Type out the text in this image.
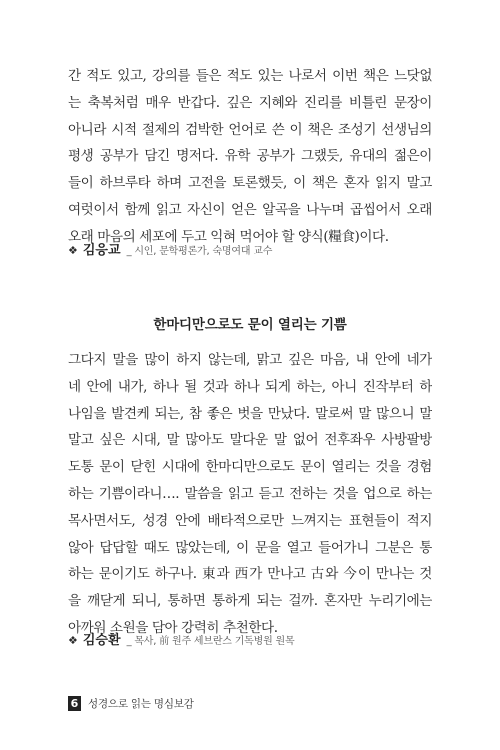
간 적도 있고, 강의를 들은 적도 있는 나로서 이번 책은 느닷없
는 축복처럼 매우 반갑다. 깊은 지혜와 진리를 비틀린 문장이
아니라 시적 절제의 검박한 언어로 쓴 이 책은 조성기 선생님의
평생 공부가 담긴 명저다. 유학 공부가 그랬듯, 유대의 젊은이
들이 하브루타 하며 고전을 토론했듯, 이 책은 혼자 읽지 말고
여럿이서 함께 읽고 자신이 얻은 알곡을 나누며 곱씹어서 오래
오래 마음의 세포에 두고 익혀 먹어야 할 양식(糧食)이다.
❖ 김응교 _ 시인, 문학평론가, 숙명여대 교수
한마디만으로도 문이 열리는 기쁨
그다지 말을 많이 하지 않는데, 맑고 깊은 마음, 내 안에 네가
네 안에 내가, 하나 될 것과 하나 되게 하는, 아니 진작부터 하
나임을 발견케 되는, 참 좋은 벗을 만났다. 말로써 말 많으니 말
말고 싶은 시대, 말 많아도 말다운 말 없어 전후좌우 사방팔방
도통 문이 닫힌 시대에 한마디만으로도 문이 열리는 것을 경험
하는 기쁨이라니…. 말씀을 읽고 듣고 전하는 것을 업으로 하는
목사면서도, 성경 안에 배타적으로만 느껴지는 표현들이 적지
않아 답답할 때도 많았는데, 이 문을 열고 들어가니 그분은 통
하는 문이기도 하구나. 東과 西가 만나고 古와 今이 만나는 것
을 깨닫게 되니, 통하면 통하게 되는 걸까. 혼자만 누리기에는
아까워 소원을 담아 강력히 추천한다.
❖ 김승환 _ 목사, 前 원주 세브란스 기독병원 원목
6 성경으로 읽는 명심보감
